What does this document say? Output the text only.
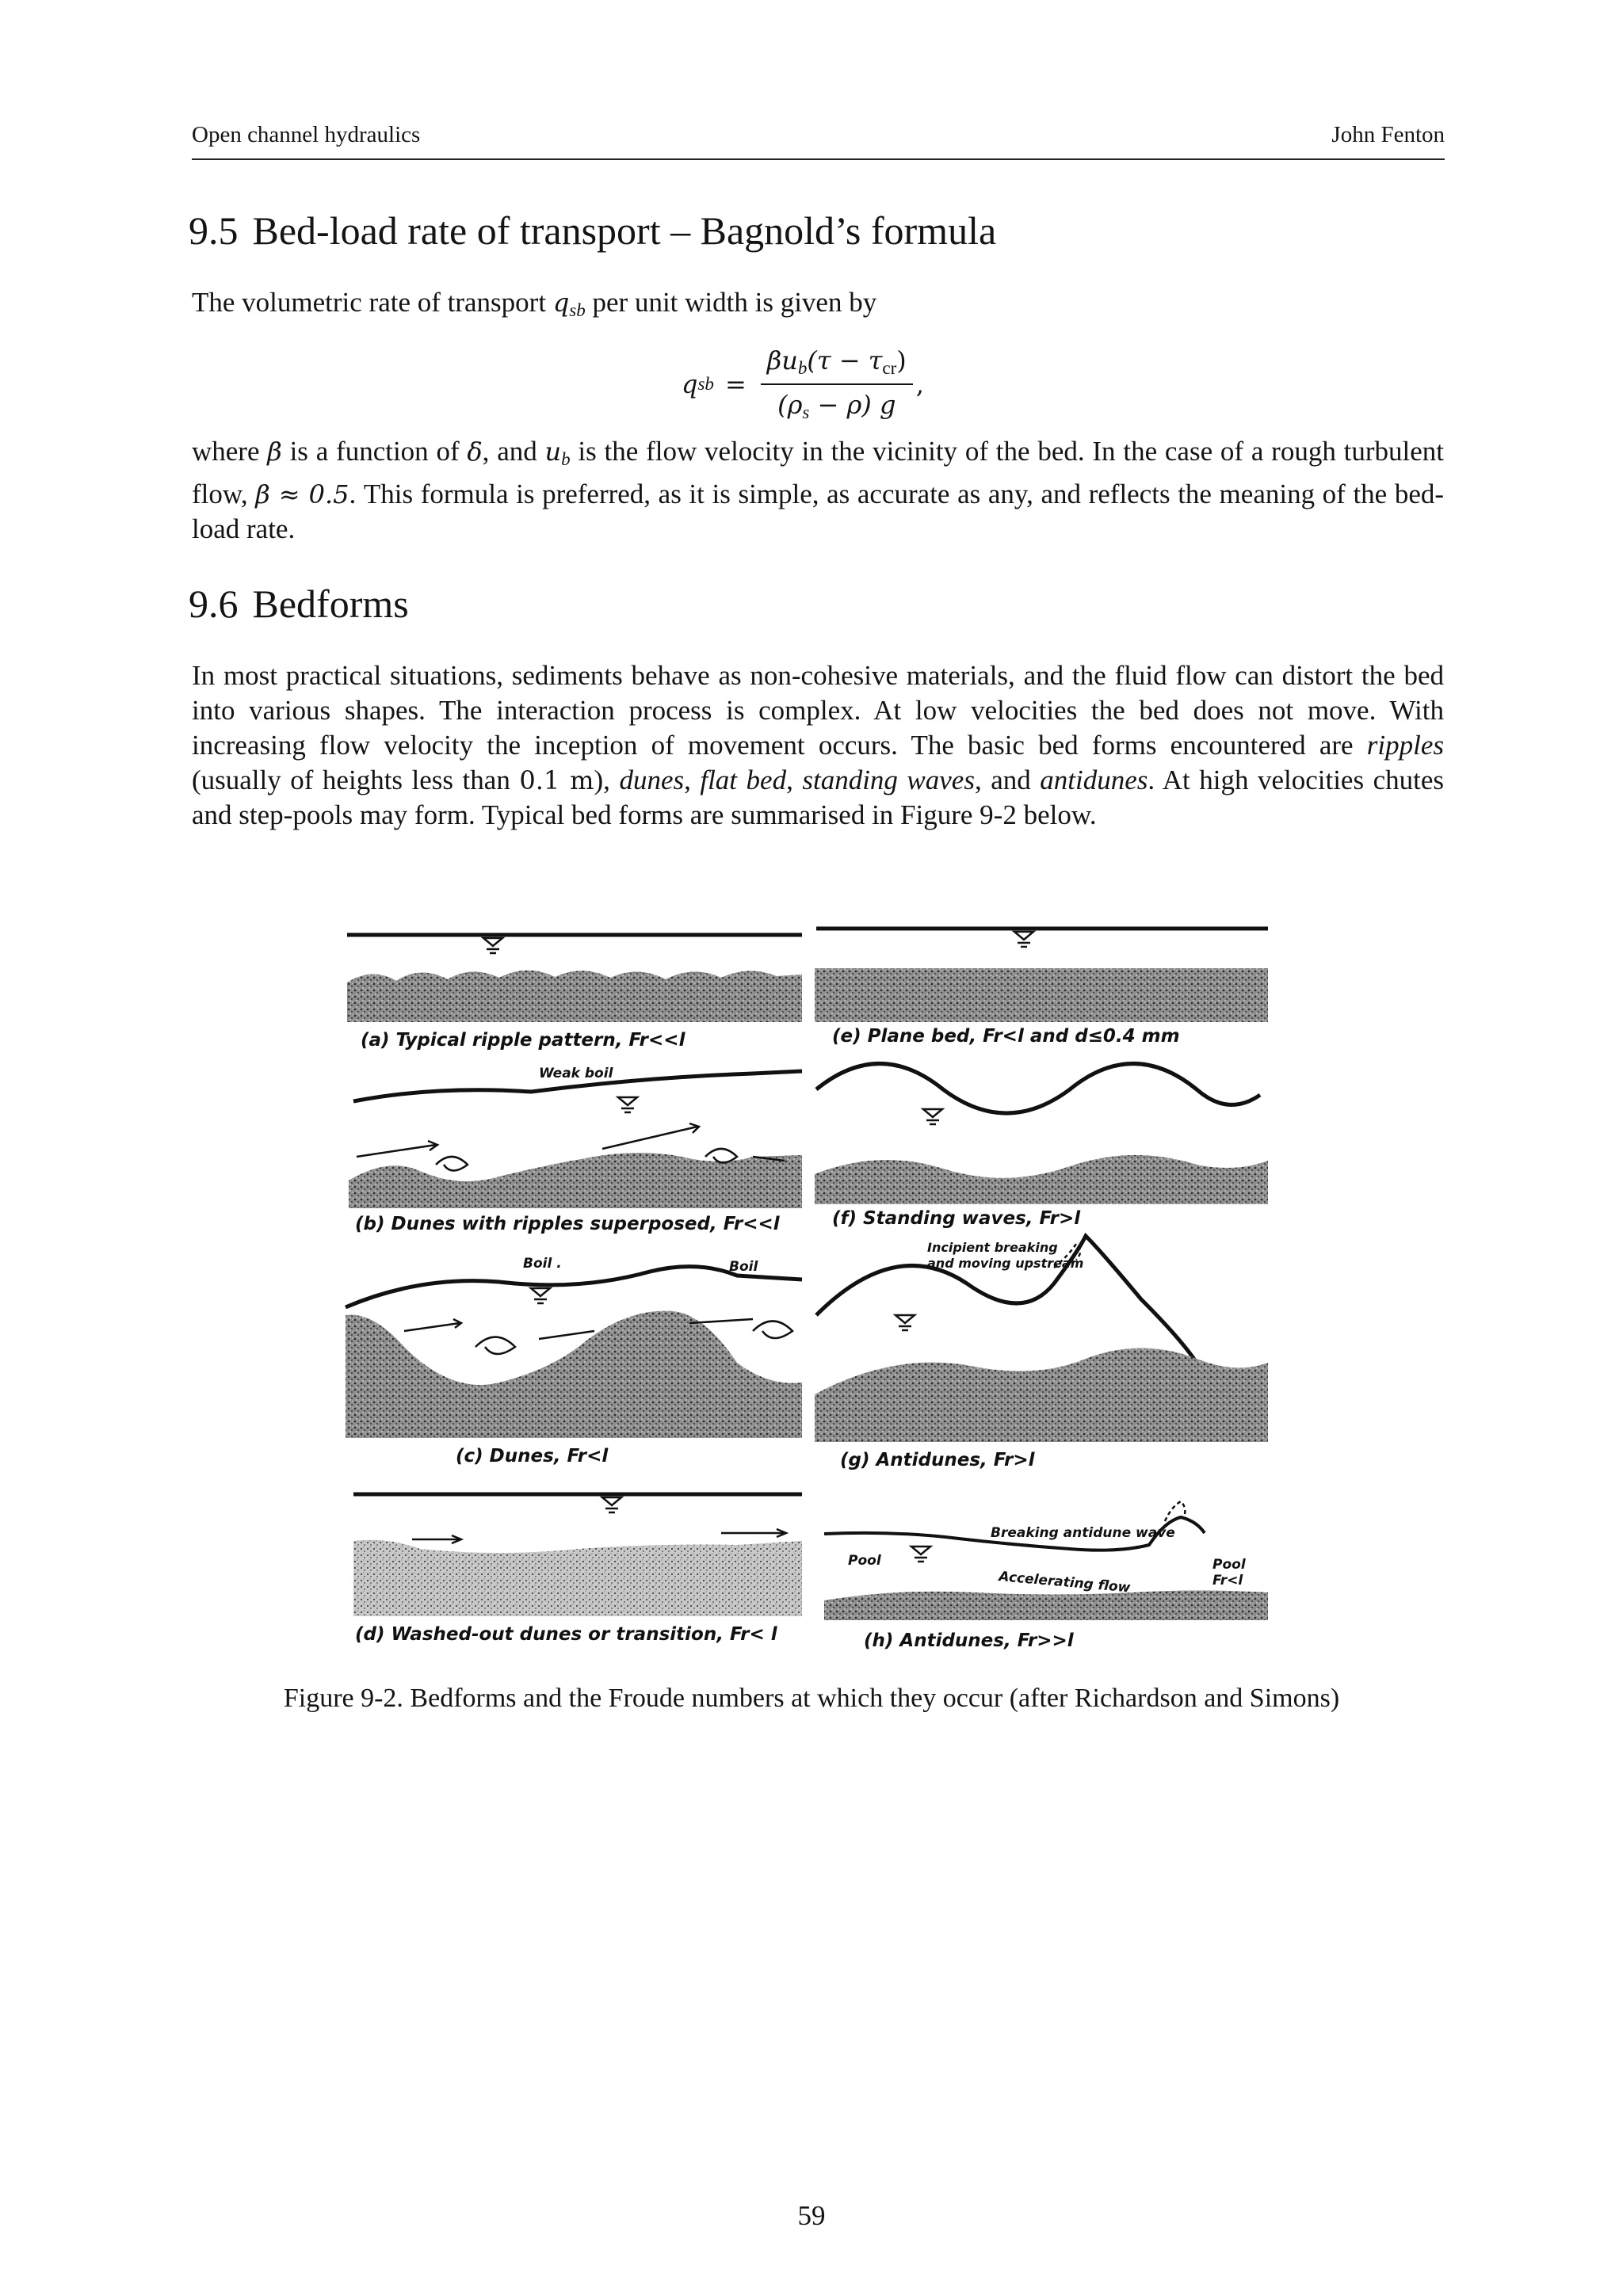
Open channel hydraulics	John Fenton
9.5 Bed-load rate of transport – Bagnold’s formula

The volumetric rate of transport $q_{sb}$ per unit width is given by

q sb = $\frac{\text{βub(τ − τcr)}}{(\rho s - \rho) g}$ ,

where β is a function of δ, and $u_b$ is the flow velocity in the vicinity of the bed. In the case of a rough turbulent flow, β ≈ 0.5. This formula is preferred, as it is simple, as accurate as any, and reflects the meaning of the bed-load rate.

9.6 Bedforms

In most practical situations, sediments behave as non-cohesive materials, and the fluid flow can distort the bed into various shapes. The interaction process is complex. At low velocities the bed does not move. With increasing flow velocity the inception of movement occurs. The basic bed forms encountered are ripples (usually of heights less than 0.1 m), dunes, flat bed, standing waves, and antidunes. At high velocities chutes and step-pools may form. Typical bed forms are summarised in Figure 9-2 below.

(a) Typical ripple pattern, Fr<<l
Weak boil
(b) Dunes with ripples superposed, Fr<<l
Boil .	Boil
(c) Dunes, Fr<l
(d) Washed-out dunes or transition, Fr< l
(e) Plane bed, Fr<l and d≤0.4 mm
(f) Standing waves, Fr>l
Incipient breaking
and moving upstream
(g) Antidunes, Fr>l
Breaking antidune wave
Pool
Accelerating flow
Pool
Fr<l
(h) Antidunes, Fr>>l
Figure 9-2. Bedforms and the Froude numbers at which they occur (after Richardson and Simons)
59
